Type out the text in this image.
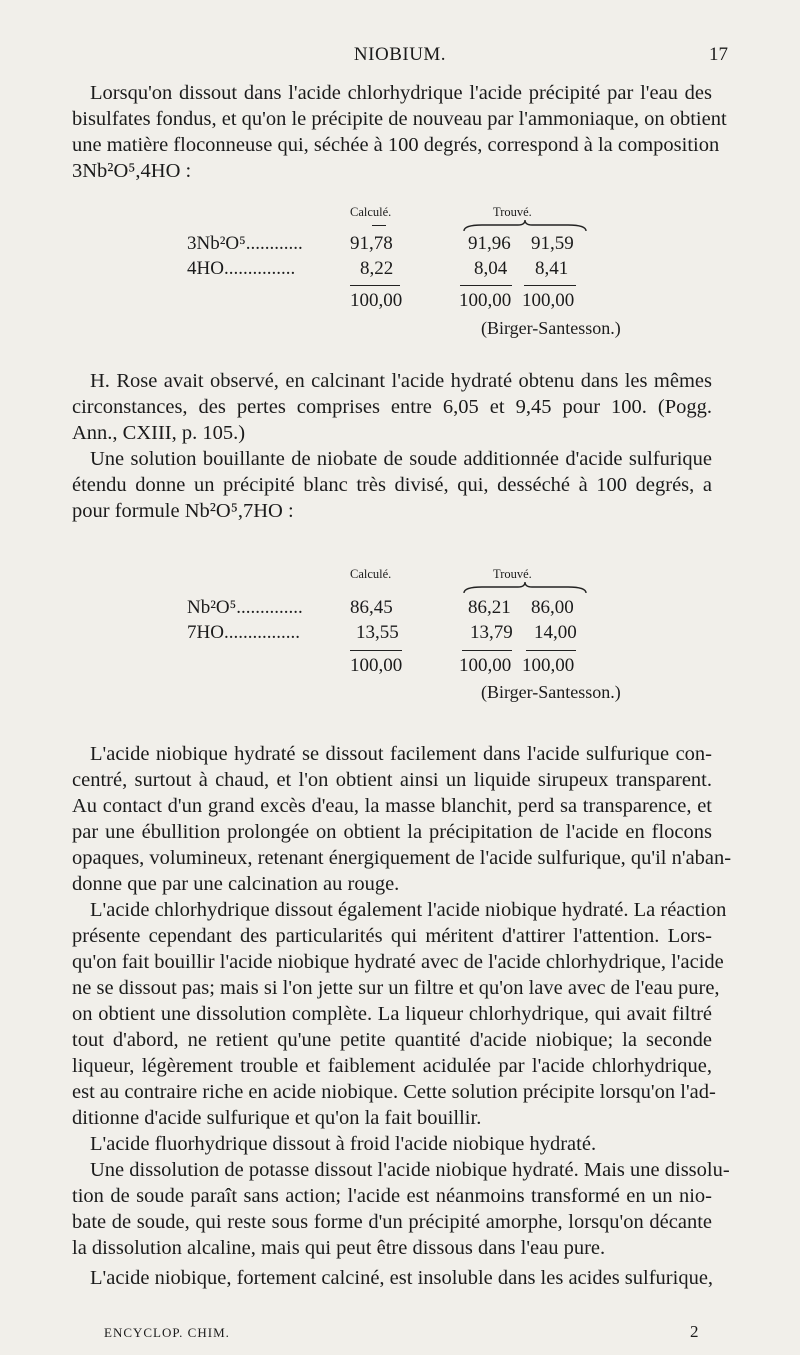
NIOBIUM.	17
Lorsqu'on dissout dans l'acide chlorhydrique l'acide précipité par l'eau des
bisulfates fondus, et qu'on le précipite de nouveau par l'ammoniaque, on obtient
une matière floconneuse qui, séchée à 100 degrés, correspond à la composition
3Nb²O⁵,4HO :
Calculé.	Trouvé.
3Nb²O⁵............ 91,78	91,96 91,59
4HO...............	8,22	8,04 8,41
100,00	100,00 100,00
(Birger-Santesson.)
H. Rose avait observé, en calcinant l'acide hydraté obtenu dans les mêmes
circonstances, des pertes comprises entre 6,05 et 9,45 pour 100. (Pogg.
Ann., CXIII, p. 105.)
Une solution bouillante de niobate de soude additionnée d'acide sulfurique
étendu donne un précipité blanc très divisé, qui, desséché à 100 degrés, a
pour formule Nb²O⁵,7HO :
Calculé.	Trouvé.
Nb²O⁵.............. 86,45	86,21 86,00
7HO................	13,55	13,79 14,00
100,00	100,00 100,00
(Birger-Santesson.)
L'acide niobique hydraté se dissout facilement dans l'acide sulfurique con-
centré, surtout à chaud, et l'on obtient ainsi un liquide sirupeux transparent.
Au contact d'un grand excès d'eau, la masse blanchit, perd sa transparence, et
par une ébullition prolongée on obtient la précipitation de l'acide en flocons
opaques, volumineux, retenant énergiquement de l'acide sulfurique, qu'il n'aban-
donne que par une calcination au rouge.
L'acide chlorhydrique dissout également l'acide niobique hydraté. La réaction
présente cependant des particularités qui méritent d'attirer l'attention. Lors-
qu'on fait bouillir l'acide niobique hydraté avec de l'acide chlorhydrique, l'acide
ne se dissout pas; mais si l'on jette sur un filtre et qu'on lave avec de l'eau pure,
on obtient une dissolution complète. La liqueur chlorhydrique, qui avait filtré
tout d'abord, ne retient qu'une petite quantité d'acide niobique; la seconde
liqueur, légèrement trouble et faiblement acidulée par l'acide chlorhydrique,
est au contraire riche en acide niobique. Cette solution précipite lorsqu'on l'ad-
ditionne d'acide sulfurique et qu'on la fait bouillir.
L'acide fluorhydrique dissout à froid l'acide niobique hydraté.
Une dissolution de potasse dissout l'acide niobique hydraté. Mais une dissolu-
tion de soude paraît sans action; l'acide est néanmoins transformé en un nio-
bate de soude, qui reste sous forme d'un précipité amorphe, lorsqu'on décante
la dissolution alcaline, mais qui peut être dissous dans l'eau pure.
L'acide niobique, fortement calciné, est insoluble dans les acides sulfurique,
ENCYCLOP. CHIM.	2
